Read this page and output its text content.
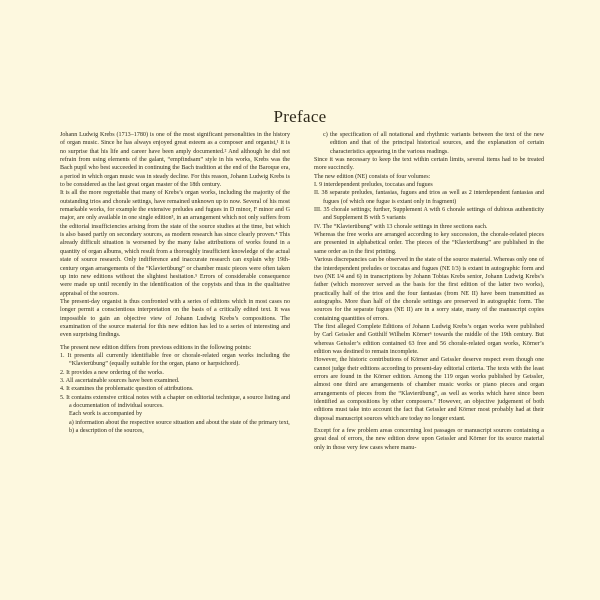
Preface

Johann Ludwig Krebs (1713–1780) is one of the most significant personalities in the history of organ music. Since he has always enjoyed great esteem as a composer and organist,¹ it is no surprise that his life and career have been amply documented.² And although he did not refrain from using elements of the galant, “empfindsam” style in his works, Krebs was the Bach pupil who best succeeded in continuing the Bach tradition at the end of the Baroque era, a period in which organ music was in steady decline. For this reason, Johann Ludwig Krebs is to be considered as the last great organ master of the 18th century.

It is all the more regrettable that many of Krebs’s organ works, including the majority of the outstanding trios and chorale settings, have remained unknown up to now. Several of his most remarkable works, for example the extensive preludes and fugues in D minor, F minor and G major, are only available in one single edition³, in an arrangement which not only suffers from the editorial insufficiencies arising from the state of the source studies at the time, but which is also based partly on secondary sources, as modern research has since clearly proven.⁴ This already difficult situation is worsened by the many false attributions of works found in a quantity of organ albums, which result from a thoroughly insufficient knowledge of the actual state of source research. Only indifference and inaccurate research can explain why 19th-century organ arrangements of the “Klavierübung” or chamber music pieces were often taken up into new editions without the slightest hesitation.⁵ Errors of considerable consequence were made up until recently in the identification of the copyists and thus in the qualitative appraisal of the sources.

The present-day organist is thus confronted with a series of editions which in most cases no longer permit a conscientious interpretation on the basis of a critically edited text. It was impossible to gain an objective view of Johann Ludwig Krebs’s compositions. The examination of the source material for this new edition has led to a series of interesting and even surprising findings.

The present new edition differs from previous editions in the following points:

1. It presents all currently identifiable free or chorale-related organ works including the “Klavierübung” (equally suitable for the organ, piano or harpsichord).

2. It provides a new ordering of the works.

3. All ascertainable sources have been examined.

4. It examines the problematic question of attributions.

5. It contains extensive critical notes with a chapter on editorial technique, a source listing and a documentation of individual sources.

Each work is accompanied by

a) information about the respective source situation and about the state of the primary text,

b) a description of the sources,

c) the specification of all notational and rhythmic variants between the text of the new edition and that of the principal historical sources, and the explanation of certain characteristics appearing in the various readings.

Since it was necessary to keep the text within certain limits, several items had to be treated more succinctly.

The new edition (NE) consists of four volumes:

I. 9 interdependent preludes, toccatas and fugues

II. 38 separate preludes, fantasias, fugues and trios as well as 2 interdependent fantasias and fugues (of which one fugue is extant only in fragment)

III. 35 chorale settings; further, Supplement A with 6 chorale settings of dubious authenticity and Supplement B with 5 variants

IV. The “Klavierübung” with 13 chorale settings in three sections each.

Whereas the free works are arranged according to key succession, the chorale-related pieces are presented in alphabetical order. The pieces of the “Klavierübung” are published in the same order as in the first printing.

Various discrepancies can be observed in the state of the source material. Whereas only one of the interdependent preludes or toccatas and fugues (NE I/3) is extant in autographic form and two (NE I/4 and 6) in transcriptions by Johann Tobias Krebs senior, Johann Ludwig Krebs’s father (which moreover served as the basis for the first edition of the latter two works), practically half of the trios and the four fantasias (from NE II) have been transmitted as autographs. More than half of the chorale settings are preserved in autographic form. The sources for the separate fugues (NE II) are in a sorry state, many of the manuscript copies containing quantities of errors.

The first alleged Complete Editions of Johann Ludwig Krebs’s organ works were published by Carl Geissler and Gotthilf Wilhelm Körner⁶ towards the middle of the 19th century. But whereas Geissler’s edition contained 63 free and 56 chorale-related organ works, Körner’s edition was destined to remain incomplete.

However, the historic contributions of Körner and Geissler deserve respect even though one cannot judge their editions according to present-day editorial criteria. The texts with the least errors are found in the Körner edition. Among the 119 organ works published by Geissler, almost one third are arrangements of chamber music works or piano pieces and organ arrangements of pieces from the “Klavierübung”, as well as works which have since been identified as compositions by other composers.⁷ However, an objective judgement of both editions must take into account the fact that Geissler and Körner most probably had at their disposal manuscript sources which are today no longer extant.

Except for a few problem areas concerning lost passages or manuscript sources containing a great deal of errors, the new edition drew upon Geissler and Körner for its source material only in those very few cases where manu-
